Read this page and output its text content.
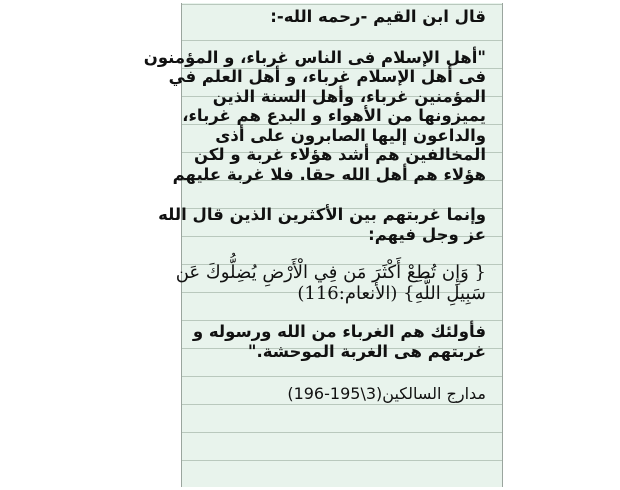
قال ابن القيم -رحمه الله-:

"أهل الإسلام فى الناس غرباء، و المؤمنون

فى أهل الإسلام غرباء، و أهل العلم في

المؤمنين غرباء، وأهل السنة الذين

يميزونها من الأهواء و البدع هم غرباء،

والداعون إليها الصابرون على أذى

المخالفين هم أشد هؤلاء غربة و لكن

هؤلاء هم أهل الله حقا. فلا غربة عليهم

وإنما غربتهم بين الأكثرين الذين قال الله

عز وجل فيهم:

{ وَإِن تُطِعْ أَكْثَرَ مَن فِي الْأَرْضِ يُضِلُّوكَ عَن

سَبِيلِ اللَّهِ} (الأنعام:116)

فأولئك هم الغرباء من الله ورسوله و

غربتهم هى الغربة الموحشة."

مدارج السالكين(3\195-196)
